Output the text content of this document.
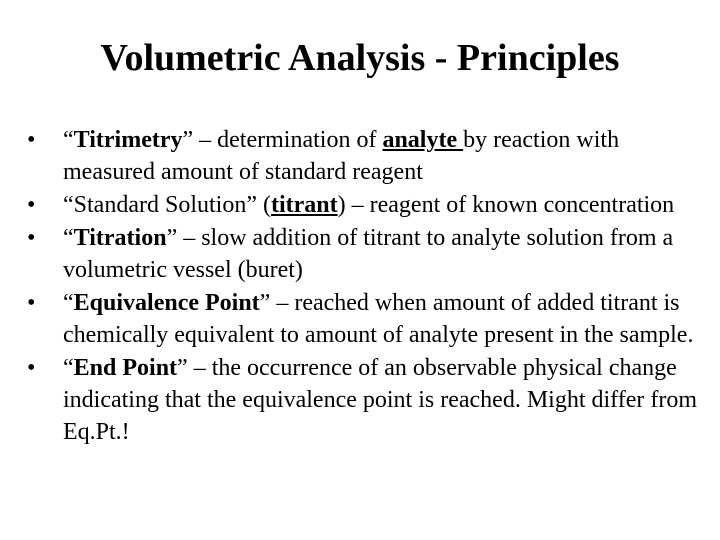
Volumetric Analysis - Principles
•	“Titrimetry” – determination of analyte by reaction with measured amount of standard reagent
•	“Standard Solution” (titrant) – reagent of known concentration
•	“Titration” – slow addition of titrant to analyte solution from a volumetric vessel (buret)
•	“Equivalence Point” – reached when amount of added titrant is chemically equivalent to amount of analyte present in the sample.
•	“End Point” – the occurrence of an observable physical change indicating that the equivalence point is reached. Might differ from Eq.Pt.!
